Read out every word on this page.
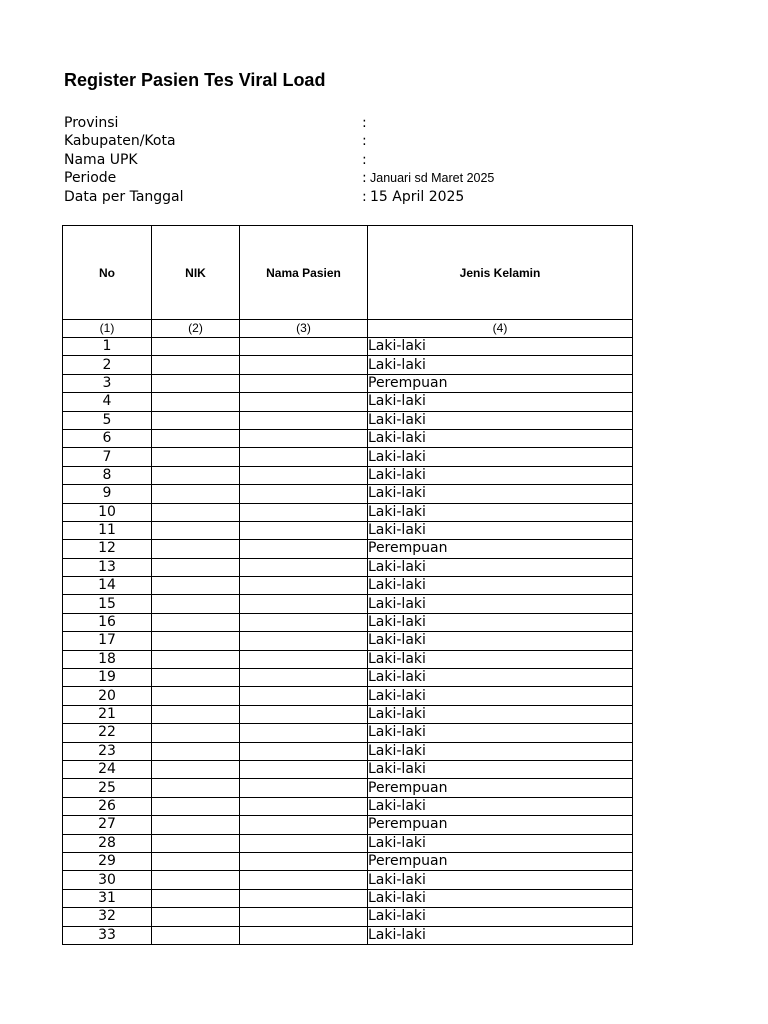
Register Pasien Tes Viral Load
Provinsi	:
Kabupaten/Kota	:
Nama UPK	:
Periode	: Januari sd Maret 2025
Data per Tanggal	: 15 April 2025
No	NIK	Nama Pasien	Jenis Kelamin
(1)	(2)	(3)	(4)
1			Laki-laki
2			Laki-laki
3			Perempuan
4			Laki-laki
5			Laki-laki
6			Laki-laki
7			Laki-laki
8			Laki-laki
9			Laki-laki
10			Laki-laki
11			Laki-laki
12			Perempuan
13			Laki-laki
14			Laki-laki
15			Laki-laki
16			Laki-laki
17			Laki-laki
18			Laki-laki
19			Laki-laki
20			Laki-laki
21			Laki-laki
22			Laki-laki
23			Laki-laki
24			Laki-laki
25			Perempuan
26			Laki-laki
27			Perempuan
28			Laki-laki
29			Perempuan
30			Laki-laki
31			Laki-laki
32			Laki-laki
33			Laki-laki
